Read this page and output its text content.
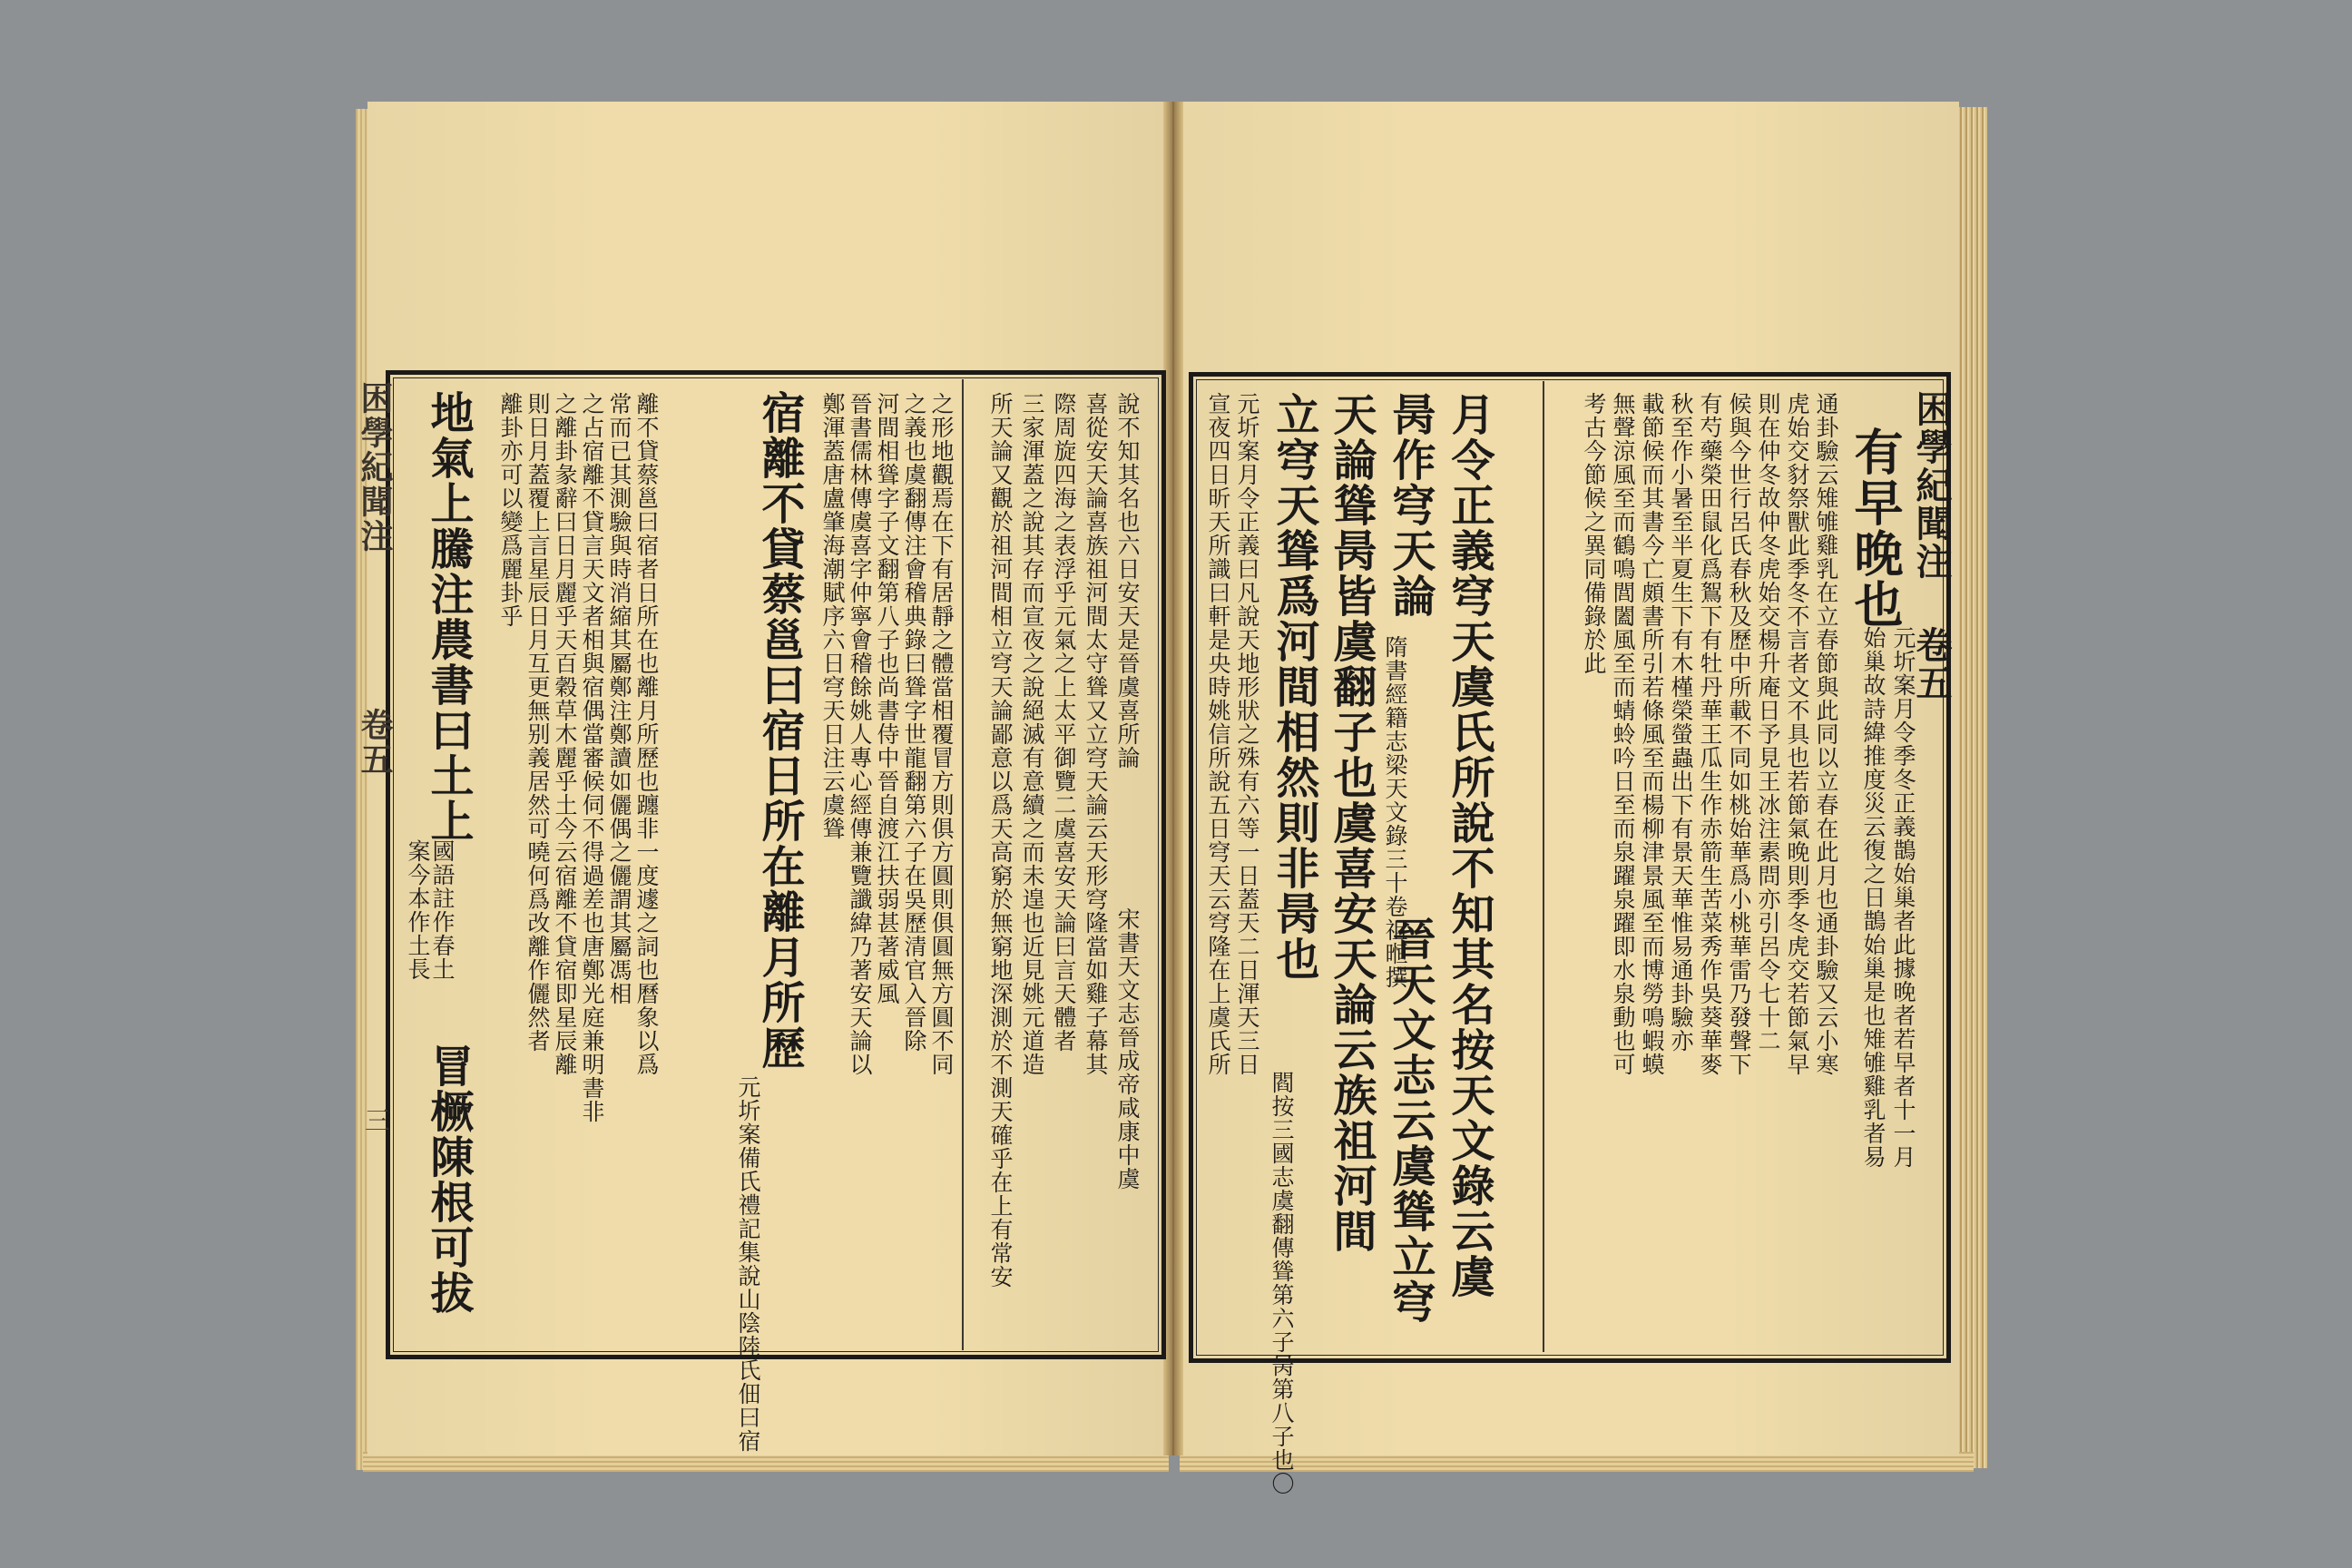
地氣上騰注農書曰土上
案今本作土長
國語註作春土
冒橛陳根可拔
離不貸蔡邕曰宿者日所在也離月所歷也躔非一度遽之詞也曆象以爲
常而已其測驗與時消縮其屬鄭注鄭讀如儷偶之儷謂其屬馮相
之占宿離不貸言天文者相與宿偶當審候伺不得過差也唐鄭光庭兼明書非
之離卦彖辭曰日月麗乎天百穀草木麗乎土今云宿離不貸宿即星辰離
則日月蓋覆上言星辰日月互更無别義居然可曉何爲改離作儷然者
離卦亦可以變爲麗卦乎	宿離不貸蔡邕曰宿日所在離月所歷
元圻案備氏禮記集說山陰陸氏佃曰宿
鄭渾蓋唐盧肇海潮賦序六日穹天日注云虞聳 晉書儒林傳虞喜字仲寧會稽餘姚人專心經傳兼覽讖緯乃著安天論以 河間相聳字子文翻第八子也尚書侍中晉自渡江扶弱甚著威風 之義也虞翻傳注會稽典錄曰聳字世龍翻第六子在吳歷清官入晉除 之形地觀焉在下有居靜之體當相覆冒方則俱方圓則俱圓無方圓不同 所天論又觀於祖河間相立穹天論鄙意以爲天高窮於無窮地深測於不測天確乎在上有常安 三家渾蓋之說其存而宣夜之說絕滅有意續之而未遑也近見姚元道造 際周旋四海之表浮乎元氣之上太平御覽二虞喜安天論曰言天體者 喜從安天論喜族祖河間太守聳又立穹天論云天形穹隆當如雞子幕其 說不知其名也六日安天是晉虞喜所論
宋書天文志晉成帝咸康中虞
困學紀聞注
卷五
三
有早晚也
元圻案月令季冬正義鵲始巢者此據晚者若早者十一月
始巢故詩緯推度災云復之日鵲始巢是也雉雊雞乳者易
通卦驗云雉雊雞乳在立春節與此同以立春在此月也通卦驗又云小寒
虎始交豺祭獸此季冬不言者文不具也若節氣晚則季冬虎交若節氣早
則在仲冬故仲冬虎始交楊升庵日予見王冰注素問亦引呂令七十二
候與今世行呂氏春秋及歷中所載不同如桃始華爲小桃華雷乃發聲下
有芍藥榮田鼠化爲鴽下有牡丹華王瓜生作赤箭生苦菜秀作吳葵華麥
秋至作小暑至半夏生下有木槿榮螢蟲出下有景天華惟易通卦驗亦
載節候而其書今亡頗書所引若條風至而楊柳津景風至而博勞鳴蝦蟆
無聲涼風至而鶴鳴閭闔風至而蜻蛉吟日至而泉躍泉躍即水泉動也可
考古今節候之異同備錄於此
月令正義穹天虞氏所說不知其名按天文錄云虞
昺作穹天論
隋書經籍志梁天文錄三十卷祖暅撰
晉天文志云虞聳立穹
天論聳昺皆虞翻子也虞喜安天論云族祖河間
立穹天聳爲河間相然則非昺也
閻按三國志虞翻傳聳第六子昺第八子也〇
元圻案月令正義曰凡說天地形狀之殊有六等一日蓋天二日渾天三日
宣夜四日昕天所識曰軒是央時姚信所說五日穹天云穹隆在上虞氏所	困學紀聞注
卷五
